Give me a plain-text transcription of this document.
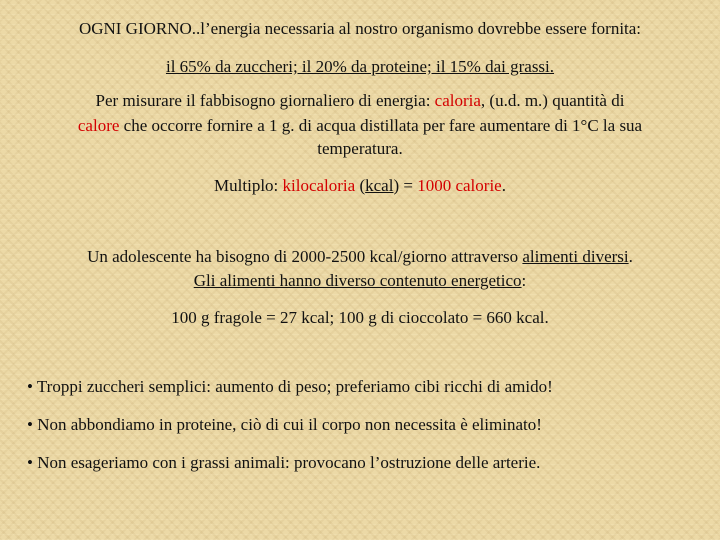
OGNI GIORNO..l’energia necessaria al nostro organismo dovrebbe essere fornita:
il 65% da zuccheri; il 20% da proteine; il 15% dai grassi.
Per misurare il fabbisogno giornaliero di energia: caloria, (u.d. m.) quantità di
calore che occorre fornire a 1 g. di acqua distillata per fare aumentare di 1°C la sua
temperatura.
Multiplo: kilocaloria (kcal) = 1000 calorie.
Un adolescente ha bisogno di 2000-2500 kcal/giorno attraverso alimenti diversi.
Gli alimenti hanno diverso contenuto energetico:
100 g fragole = 27 kcal; 100 g di cioccolato = 660 kcal.
• Troppi zuccheri semplici: aumento di peso; preferiamo cibi ricchi di amido!
• Non abbondiamo in proteine, ciò di cui il corpo non necessita è eliminato!
• Non esageriamo con i grassi animali: provocano l’ostruzione delle arterie.
